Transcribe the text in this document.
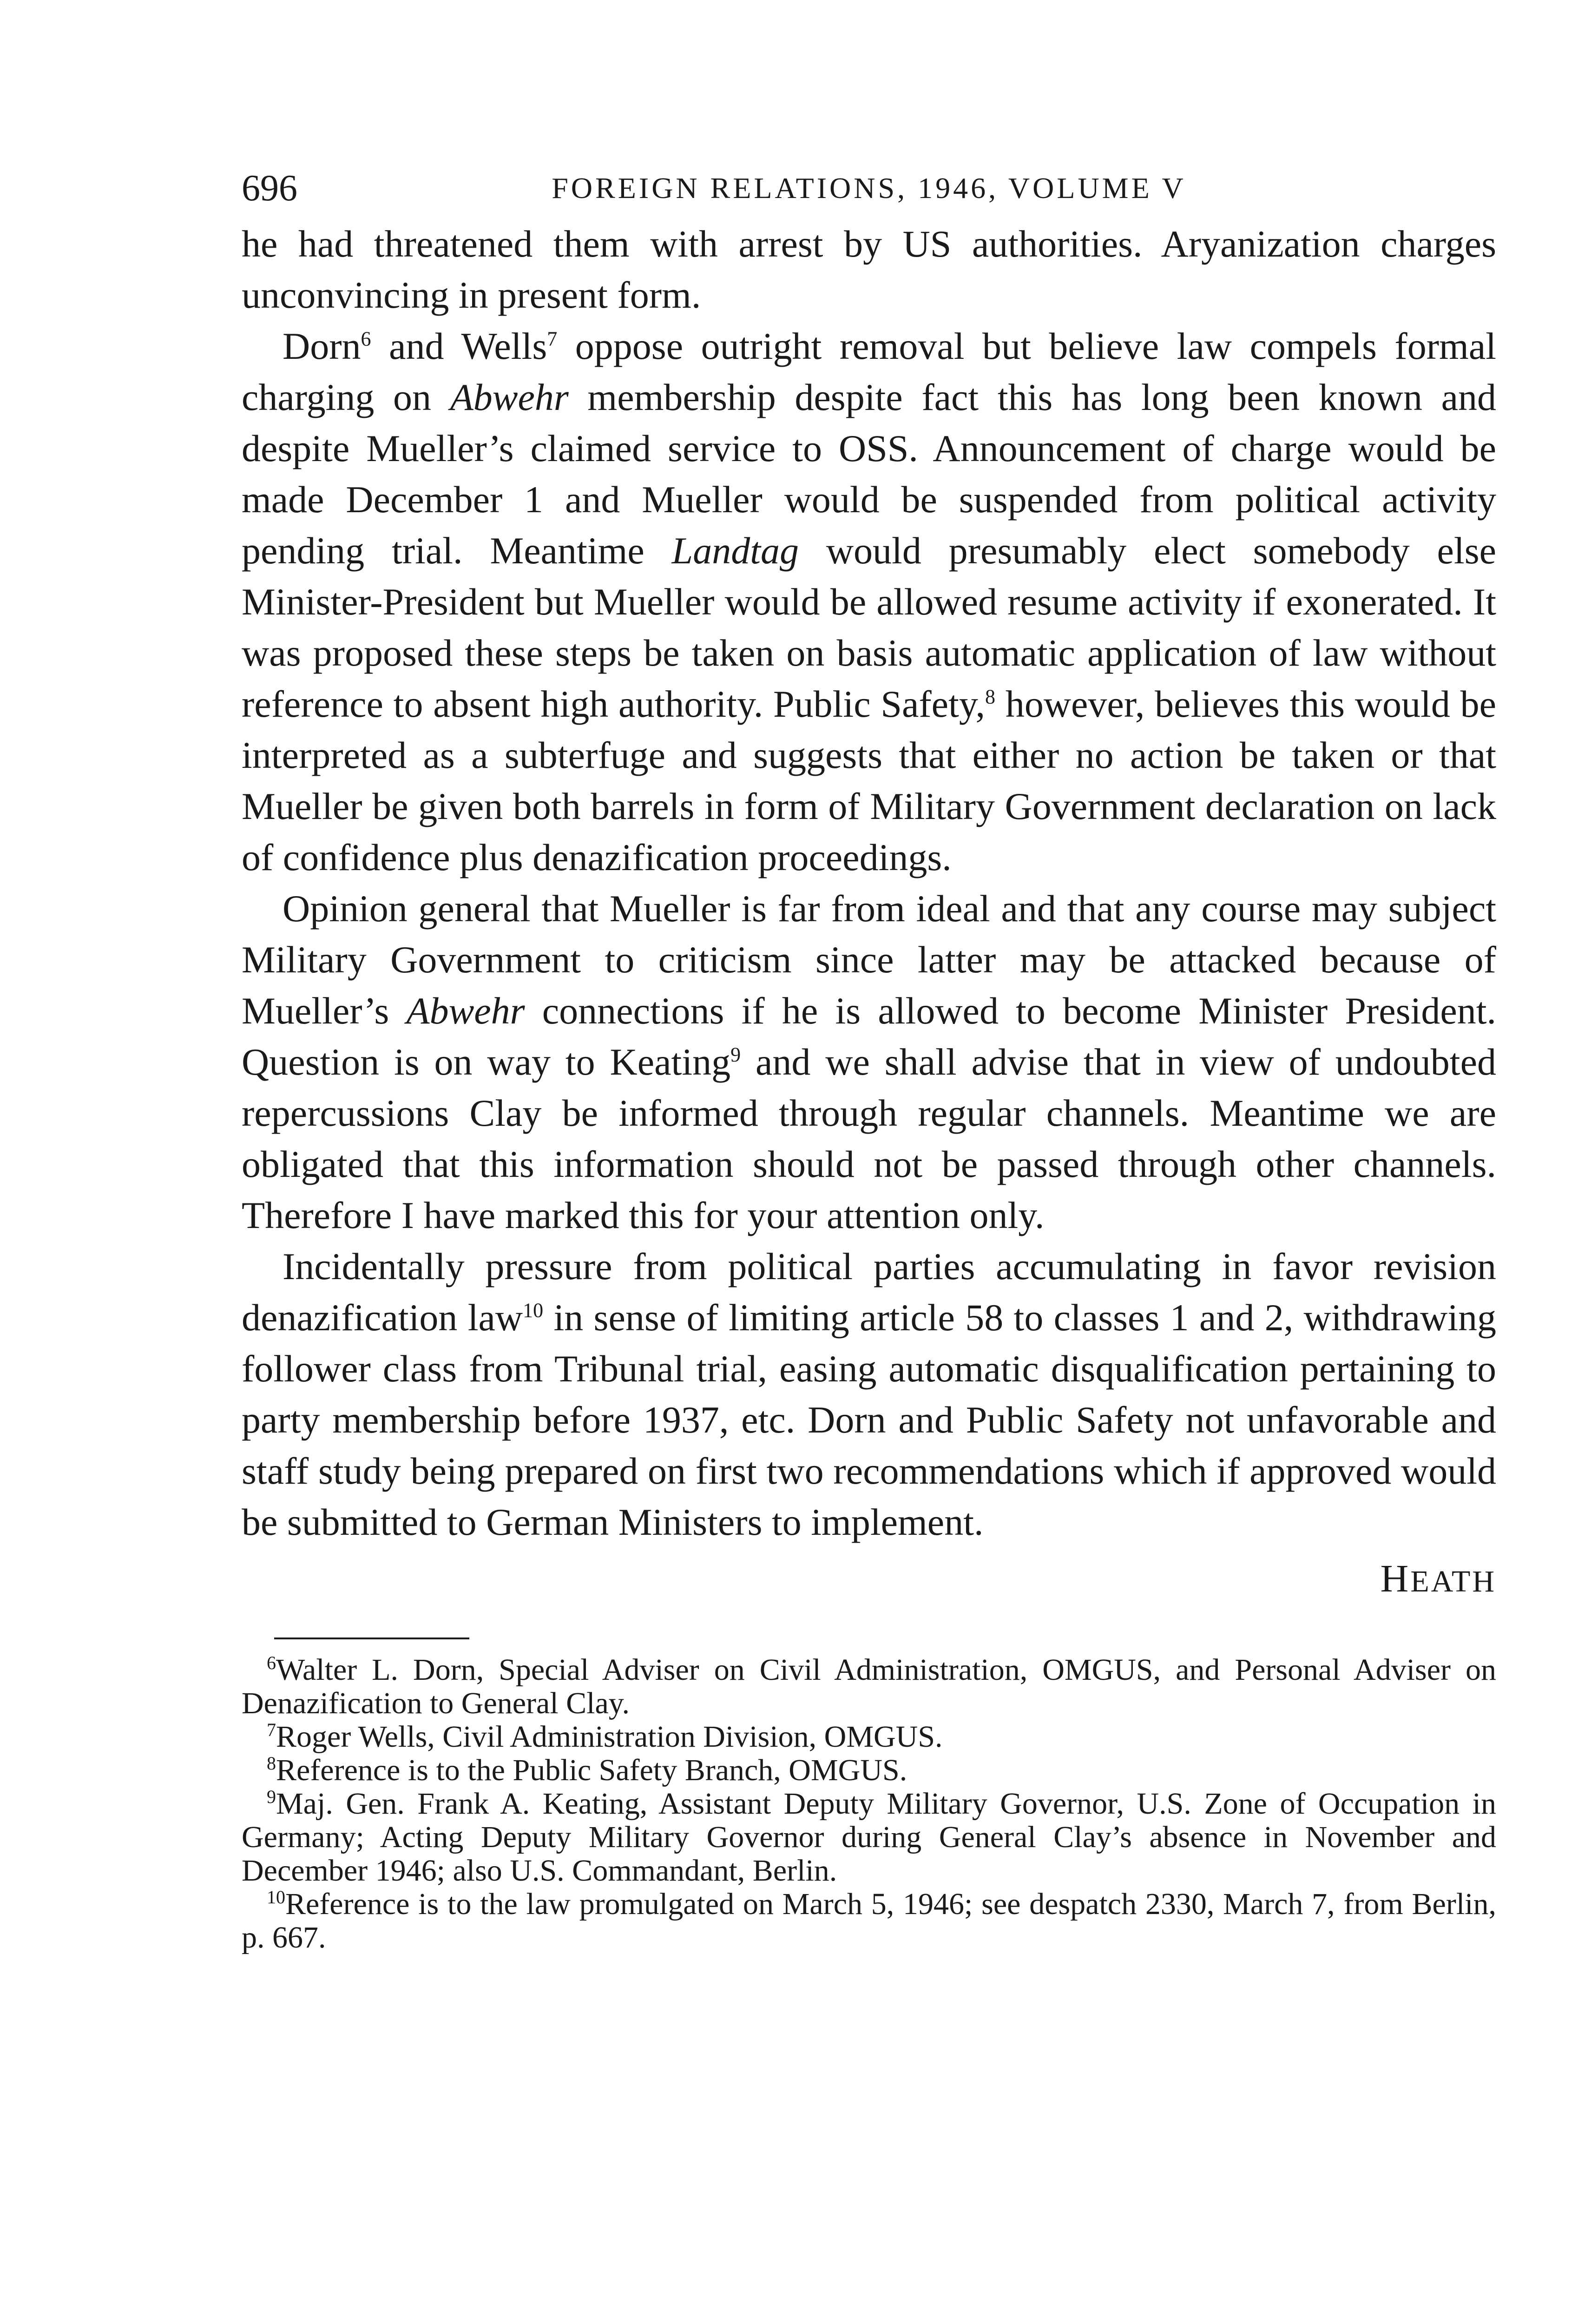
696	FOREIGN RELATIONS, 1946, VOLUME V

he had threatened them with arrest by US authorities. Aryanization charges unconvincing in present form.

Dorn$^6$ and Wells$^7$ oppose outright removal but believe law compels formal charging on Abwehr membership despite fact this has long been known and despite Mueller’s claimed service to OSS. Announcement of charge would be made December 1 and Mueller would be suspended from political activity pending trial. Meantime Landtag would presumably elect somebody else Minister-President but Mueller would be allowed resume activity if exonerated. It was proposed these steps be taken on basis automatic application of law without reference to absent high authority. Public Safety,$^8$ however, believes this would be interpreted as a subterfuge and suggests that either no action be taken or that Mueller be given both barrels in form of Military Government declaration on lack of confidence plus denazification proceedings.

Opinion general that Mueller is far from ideal and that any course may subject Military Government to criticism since latter may be attacked because of Mueller’s Abwehr connections if he is allowed to become Minister President. Question is on way to Keating$^9$ and we shall advise that in view of undoubted repercussions Clay be informed through regular channels. Meantime we are obligated that this information should not be passed through other channels. Therefore I have marked this for your attention only.

Incidentally pressure from political parties accumulating in favor revision denazification law$^{10}$ in sense of limiting article 58 to classes 1 and 2, withdrawing follower class from Tribunal trial, easing automatic disqualification pertaining to party membership before 1937, etc. Dorn and Public Safety not unfavorable and staff study being prepared on first two recommendations which if approved would be submitted to German Ministers to implement.

HEATH

$^6$Walter L. Dorn, Special Adviser on Civil Administration, OMGUS, and Personal Adviser on Denazification to General Clay.

$^7$Roger Wells, Civil Administration Division, OMGUS.

$^8$Reference is to the Public Safety Branch, OMGUS.

$^9$Maj. Gen. Frank A. Keating, Assistant Deputy Military Governor, U.S. Zone of Occupation in Germany; Acting Deputy Military Governor during General Clay’s absence in November and December 1946; also U.S. Commandant, Berlin.

$^{10}$Reference is to the law promulgated on March 5, 1946; see despatch 2330, March 7, from Berlin, p. 667.
